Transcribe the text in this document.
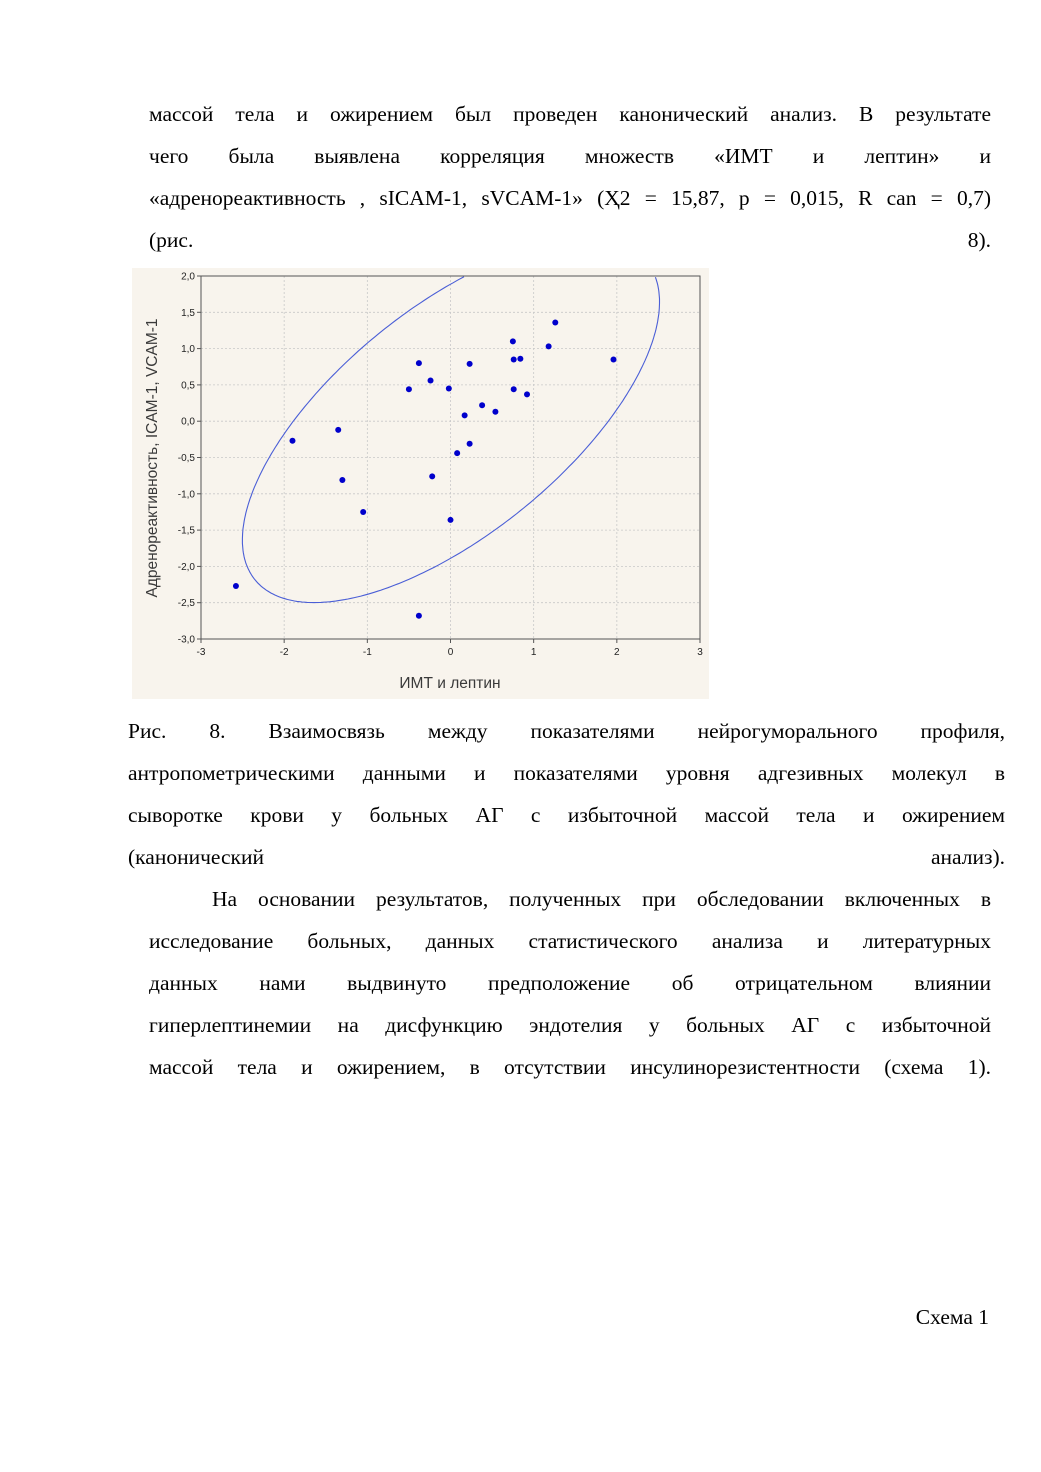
массой тела и ожирением был проведен канонический анализ. В результате
чего была выявлена корреляция множеств «ИМТ и лептин» и
«адренореактивность , sICAM-1, sVCAM-1» (Ҳ2 = 15,87, р = 0,015, R can = 0,7)
(рис. 8).
-3	-2	-1	0	1	2	3
2,0
1,5
1,0
0,5
0,0
-0,5
-1,0
-1,5
-2,0
-2,5
-3,0
ИМТ и лептин
Адренореактивность, ICAM-1, VCAM-1
Рис. 8. Взаимосвязь между показателями нейрогуморального профиля,
антропометрическими данными и показателями уровня адгезивных молекул в
сыворотке крови у больных АГ с избыточной массой тела и ожирением
(канонический анализ).
На основании результатов, полученных при обследовании включенных в
исследование больных, данных статистического анализа и литературных
данных нами выдвинуто предположение об отрицательном влиянии
гиперлептинемии на дисфункцию эндотелия у больных АГ с избыточной
массой тела и ожирением, в отсутствии инсулинорезистентности (схема 1).
Схема 1
